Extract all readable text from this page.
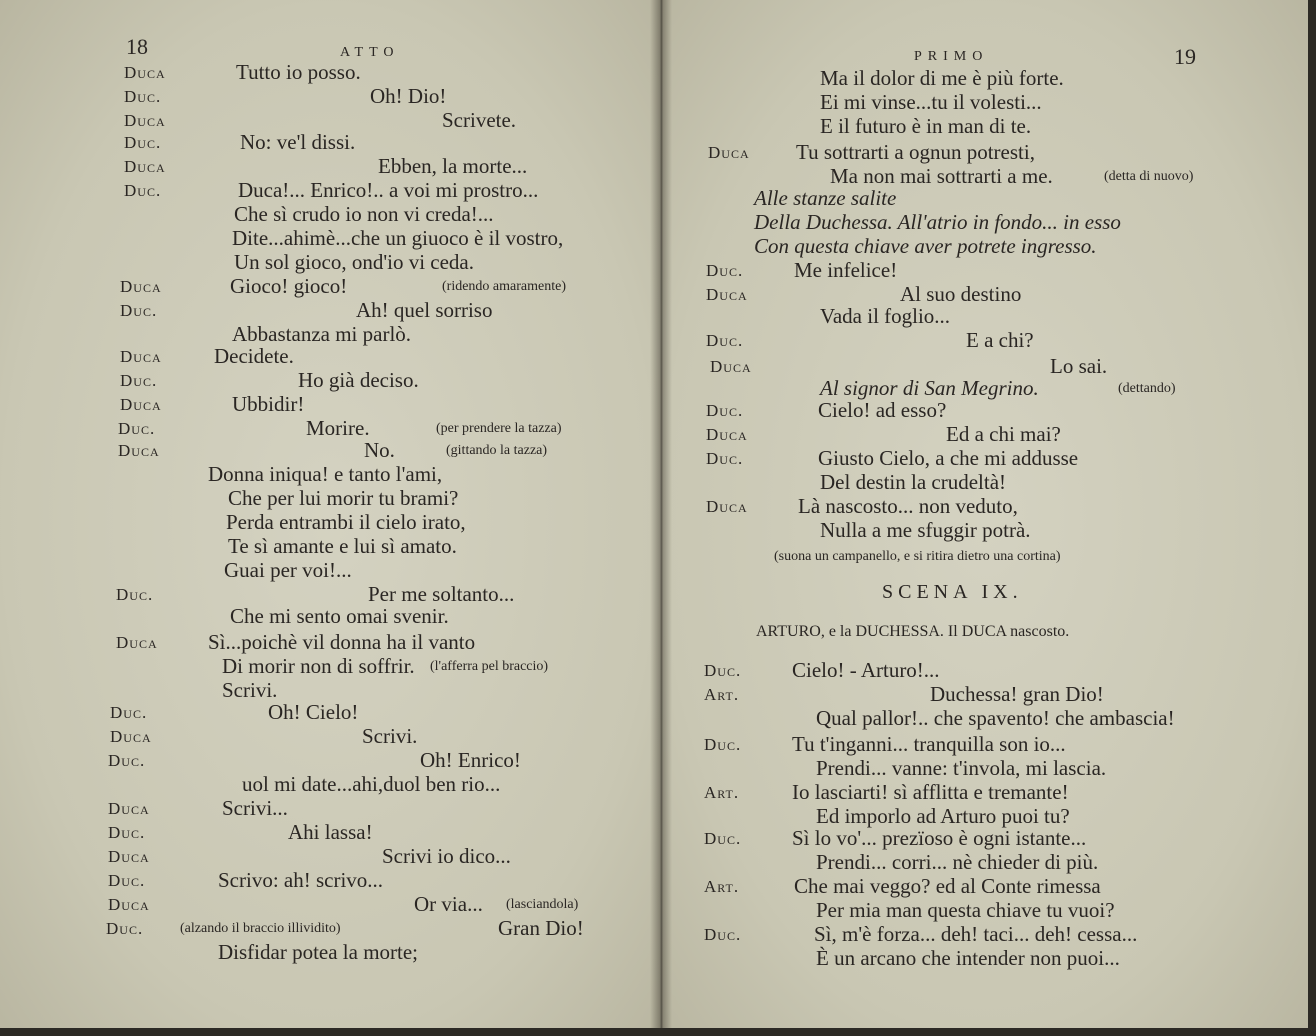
18	ATTO
Duca	Tutto io posso.
Duc.	Oh! Dio!
Duca	Scrivete.
Duc.	No: ve'l dissi.
Duca	Ebben, la morte...
Duc.	Duca!... Enrico!.. a voi mi prostro...
Che sì crudo io non vi creda!...
Dite...ahimè...che un giuoco è il vostro,
Un sol gioco, ond'io vi ceda.
Duca	Gioco! gioco!	(ridendo amaramente)
Duc.	Ah! quel sorriso
Abbastanza mi parlò.
Duca Decidete.
Duc.	Ho già deciso.
Duca	Ubbidir!
Duc.	Morire.	(per prendere la tazza)
Duca	No.	(gittando la tazza)
Donna iniqua! e tanto l'ami,
Che per lui morir tu brami?
Perda entrambi il cielo irato,
Te sì amante e lui sì amato.
Guai per voi!...
Duc.	Per me soltanto...
Che mi sento omai svenir.
Duca Sì...poichè vil donna ha il vanto
Di morir non di soffrir. (l'afferra pel braccio)
Scrivi.
Duc.	Oh! Cielo!
Duca	Scrivi.
Duc.	Oh! Enrico!
uol mi date...ahi,duol ben rio...
Duca	Scrivi...
Duc.	Ahi lassa!
Duca	Scrivi io dico...
Duc.	Scrivo: ah! scrivo...
Duca	Or via... (lasciandola)
Duc.	Gran Dio!
(alzando il braccio illividito)
Disfidar potea la morte;
PRIMO	19
SCENA IX.
ARTURO, e la DUCHESSA. Il DUCA nascosto.
Ma il dolor di me è più forte.
Ei mi vinse...tu il volesti...
E il futuro è in man di te.
Duca Tu sottrarti a ognun potresti,
Ma non mai sottrarti a me.	(detta di nuovo)
Alle stanze salite
Della Duchessa. All'atrio in fondo... in esso
Con questa chiave aver potrete ingresso.
Duc. Me infelice!
Duca	Al suo destino
Vada il foglio...
Duc.	E a chi?
Duca	Lo sai.
Al signor di San Megrino.	(dettando)
Duc.	Cielo! ad esso?
Duca	Ed a chi mai?
Duc.	Giusto Cielo, a che mi addusse
Del destin la crudeltà!
Duca Là nascosto... non veduto,
Nulla a me sfuggir potrà.
(suona un campanello, e si ritira dietro una cortina)
Duc. Cielo! - Arturo!...
Art.	Duchessa! gran Dio!
Qual pallor!.. che spavento! che ambascia!
Duc. Tu t'inganni... tranquilla son io...
Prendi... vanne: t'invola, mi lascia.
Art.	Io lasciarti! sì afflitta e tremante!
Ed imporlo ad Arturo puoi tu?
Duc. Sì lo vo'... prezïoso è ogni istante...
Prendi... corri... nè chieder di più.
Art.	Che mai veggo? ed al Conte rimessa
Per mia man questa chiave tu vuoi?
Duc.	Sì, m'è forza... deh! taci... deh! cessa...
È un arcano che intender non puoi...
